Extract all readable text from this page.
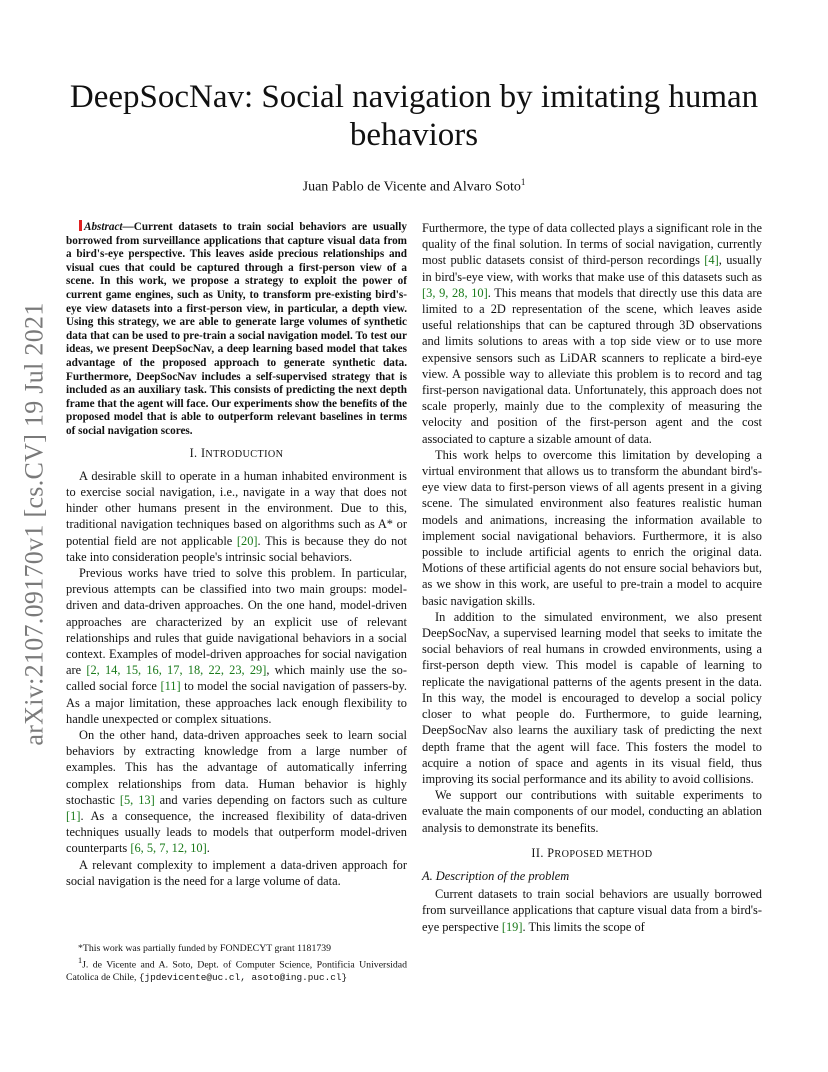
arXiv:2107.09170v1 [cs.CV] 19 Jul 2021
DeepSocNav: Social navigation by imitating human behaviors
Juan Pablo de Vicente and Alvaro Soto$^1$

Abstract—Current datasets to train social behaviors are usually borrowed from surveillance applications that capture visual data from a bird's-eye perspective. This leaves aside precious relationships and visual cues that could be captured through a first-person view of a scene. In this work, we propose a strategy to exploit the power of current game engines, such as Unity, to transform pre-existing bird's-eye view datasets into a first-person view, in particular, a depth view. Using this strategy, we are able to generate large volumes of synthetic data that can be used to pre-train a social navigation model. To test our ideas, we present DeepSocNav, a deep learning based model that takes advantage of the proposed approach to generate synthetic data. Furthermore, DeepSocNav includes a self-supervised strategy that is included as an auxiliary task. This consists of predicting the next depth frame that the agent will face. Our experiments show the benefits of the proposed model that is able to outperform relevant baselines in terms of social navigation scores.

I. INTRODUCTION

A desirable skill to operate in a human inhabited environment is to exercise social navigation, i.e., navigate in a way that does not hinder other humans present in the environment. Due to this, traditional navigation techniques based on algorithms such as A* or potential field are not applicable [20]. This is because they do not take into consideration people's intrinsic social behaviors.

Previous works have tried to solve this problem. In particular, previous attempts can be classified into two main groups: model-driven and data-driven approaches. On the one hand, model-driven approaches are characterized by an explicit use of relevant relationships and rules that guide navigational behaviors in a social context. Examples of model-driven approaches for social navigation are [2, 14, 15, 16, 17, 18, 22, 23, 29], which mainly use the so-called social force [11] to model the social navigation of passers-by. As a major limitation, these approaches lack enough flexibility to handle unexpected or complex situations.

On the other hand, data-driven approaches seek to learn social behaviors by extracting knowledge from a large number of examples. This has the advantage of automatically inferring complex relationships from data. Human behavior is highly stochastic [5, 13] and varies depending on factors such as culture [1]. As a consequence, the increased flexibility of data-driven techniques usually leads to models that outperform model-driven counterparts [6, 5, 7, 12, 10].

A relevant complexity to implement a data-driven approach for social navigation is the need for a large volume of data.

*This work was partially funded by FONDECYT grant 1181739

$^1$J. de Vicente and A. Soto, Dept. of Computer Science, Pontificia Universidad Catolica de Chile, {jpdevicente@uc.cl, asoto@ing.puc.cl}

Furthermore, the type of data collected plays a significant role in the quality of the final solution. In terms of social navigation, currently most public datasets consist of third-person recordings [4], usually in bird's-eye view, with works that make use of this datasets such as [3, 9, 28, 10]. This means that models that directly use this data are limited to a 2D representation of the scene, which leaves aside useful relationships that can be captured through 3D observations and limits solutions to areas with a top side view or to use more expensive sensors such as LiDAR scanners to replicate a bird-eye view. A possible way to alleviate this problem is to record and tag first-person navigational data. Unfortunately, this approach does not scale properly, mainly due to the complexity of measuring the velocity and position of the first-person agent and the cost associated to capture a sizable amount of data.

This work helps to overcome this limitation by developing a virtual environment that allows us to transform the abundant bird's-eye view data to first-person views of all agents present in a giving scene. The simulated environment also features realistic human models and animations, increasing the information available to implement social navigational behaviors. Furthermore, it is also possible to include artificial agents to enrich the original data. Motions of these artificial agents do not ensure social behaviors but, as we show in this work, are useful to pre-train a model to acquire basic navigation skills.

In addition to the simulated environment, we also present DeepSocNav, a supervised learning model that seeks to imitate the social behaviors of real humans in crowded environments, using a first-person depth view. This model is capable of learning to replicate the navigational patterns of the agents present in the data. In this way, the model is encouraged to develop a social policy closer to what people do. Furthermore, to guide learning, DeepSocNav also learns the auxiliary task of predicting the next depth frame that the agent will face. This fosters the model to acquire a notion of space and agents in its visual field, thus improving its social performance and its ability to avoid collisions.

We support our contributions with suitable experiments to evaluate the main components of our model, conducting an ablation analysis to demonstrate its benefits.

II. PROPOSED METHOD
A. Description of the problem

Current datasets to train social behaviors are usually borrowed from surveillance applications that capture visual data from a bird's-eye perspective [19]. This limits the scope of
